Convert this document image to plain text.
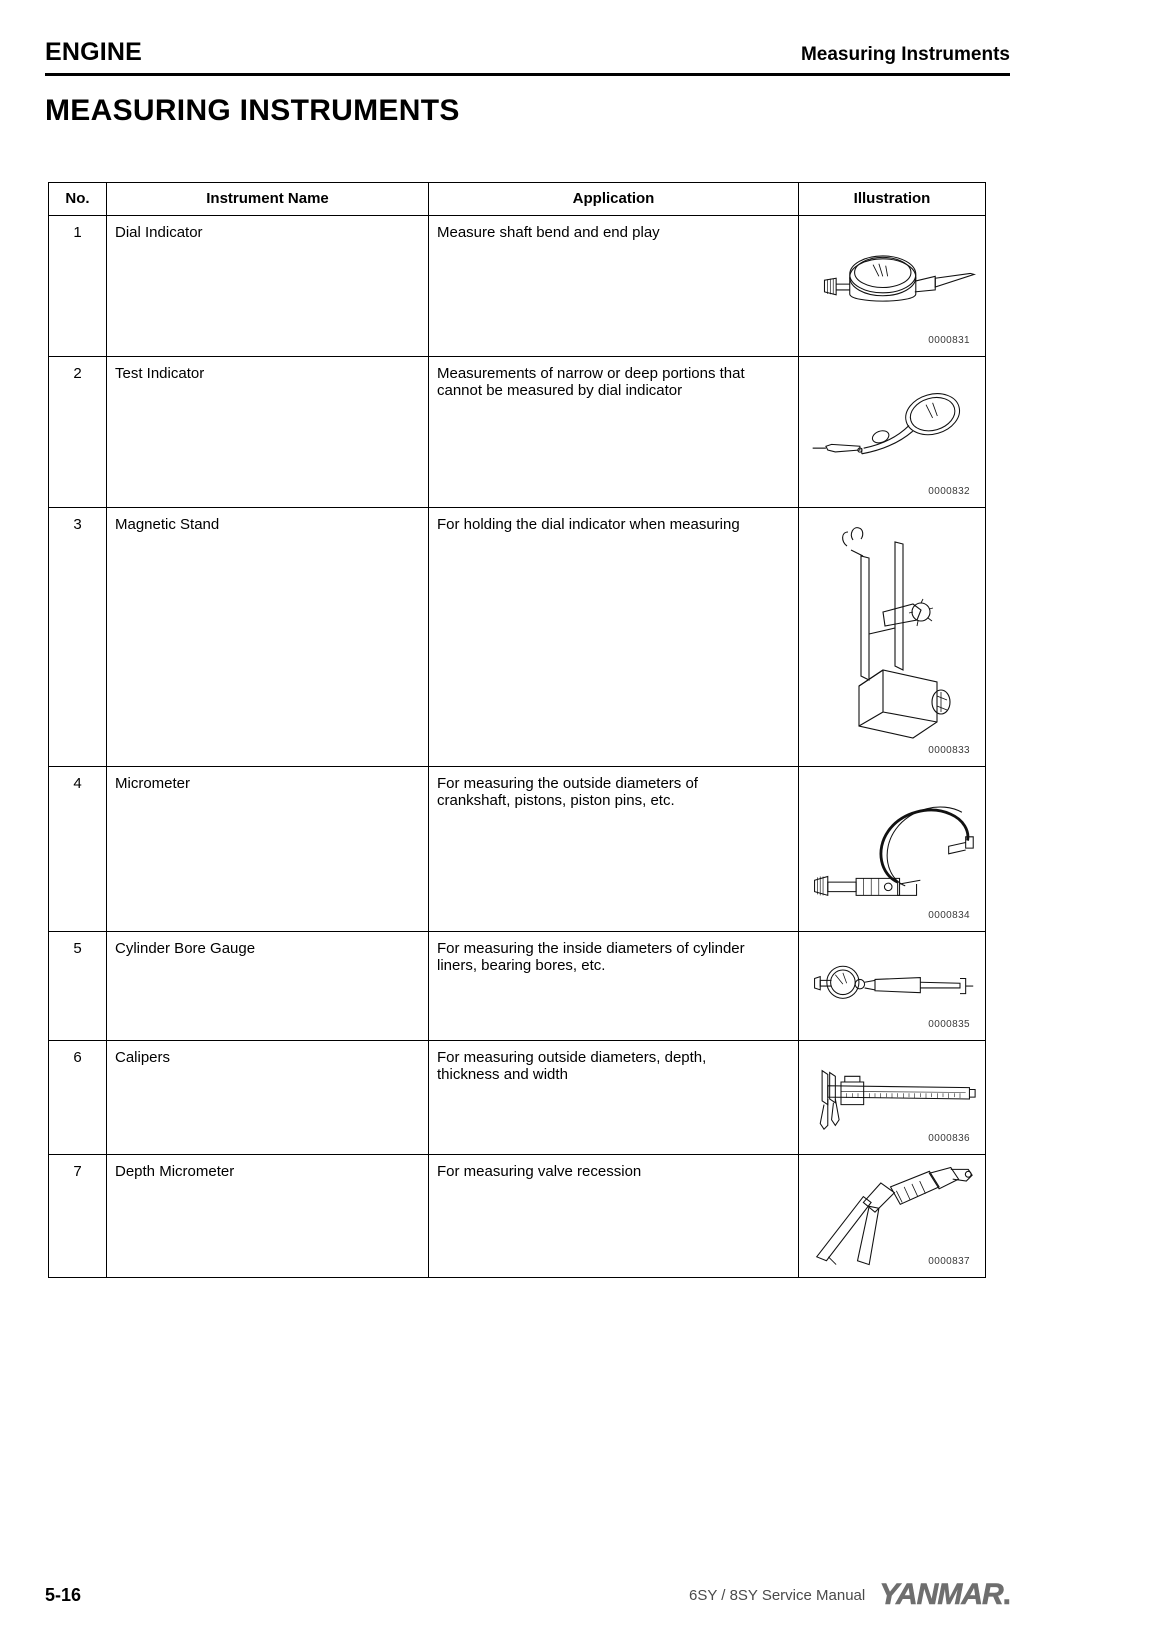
ENGINE	Measuring Instruments
MEASURING INSTRUMENTS
No.	Instrument Name	Application	Illustration
1	Dial Indicator	Measure shaft bend and end play	0000831

2	Test Indicator	Measurements of narrow or deep portions that
cannot be measured by dial indicator	0000832

3	Magnetic Stand	For holding the dial indicator when measuring	0000833

4	Micrometer	For measuring the outside diameters of
crankshaft, pistons, piston pins, etc.	0000834

5	Cylinder Bore Gauge	For measuring the inside diameters of cylinder
liners, bearing bores, etc.	0000835

6	Calipers	For measuring outside diameters, depth,
thickness and width	0000836

7	Depth Micrometer	For measuring valve recession	0000837
5-16	6SY / 8SY Service Manual YANMAR.
